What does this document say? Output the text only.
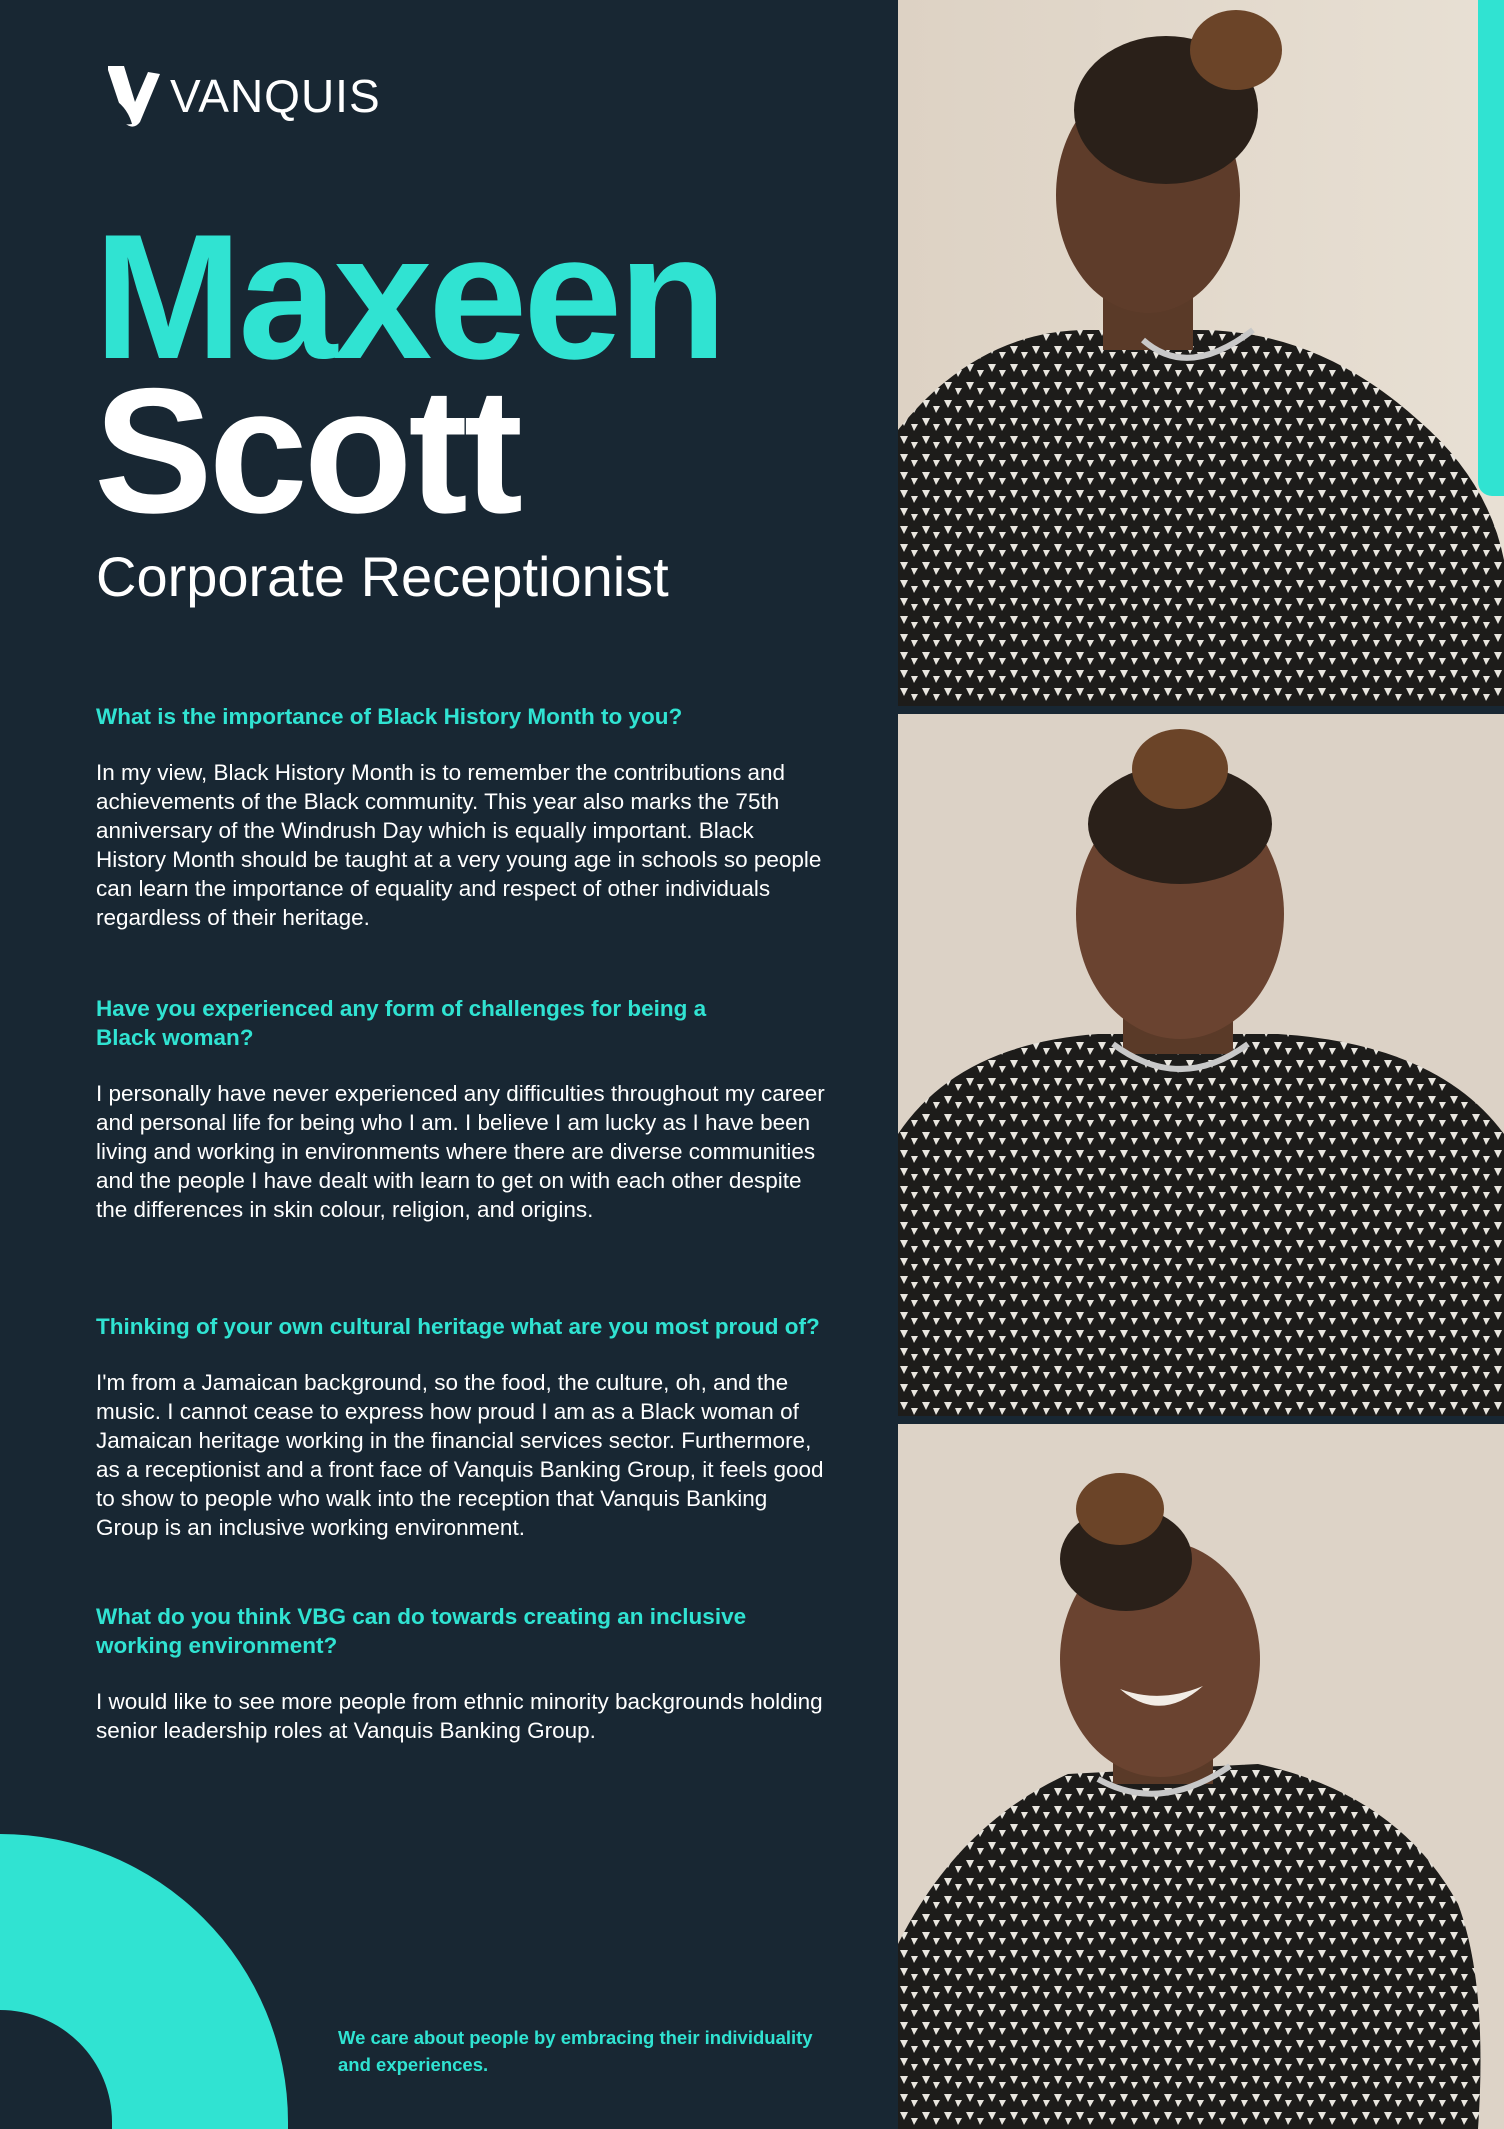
VANQUIS
Maxeen
Scott
Corporate Receptionist

What is the importance of Black History Month to you?

In my view, Black History Month is to remember the contributions and achievements of the Black community. This year also marks the 75th anniversary of the Windrush Day which is equally important. Black History Month should be taught at a very young age in schools so people can learn the importance of equality and respect of other individuals regardless of their heritage.

Have you experienced any form of challenges for being a Black woman?

I personally have never experienced any difficulties throughout my career and personal life for being who I am. I believe I am lucky as I have been living and working in environments where there are diverse communities and the people I have dealt with learn to get on with each other despite the differences in skin colour, religion, and origins.

Thinking of your own cultural heritage what are you most proud of?

I'm from a Jamaican background, so the food, the culture, oh, and the music. I cannot cease to express how proud I am as a Black woman of Jamaican heritage working in the financial services sector. Furthermore, as a receptionist and a front face of Vanquis Banking Group, it feels good to show to people who walk into the reception that Vanquis Banking Group is an inclusive working environment.

What do you think VBG can do towards creating an inclusive working environment?

I would like to see more people from ethnic minority backgrounds holding senior leadership roles at Vanquis Banking Group.

We care about people by embracing their individuality and experiences.
